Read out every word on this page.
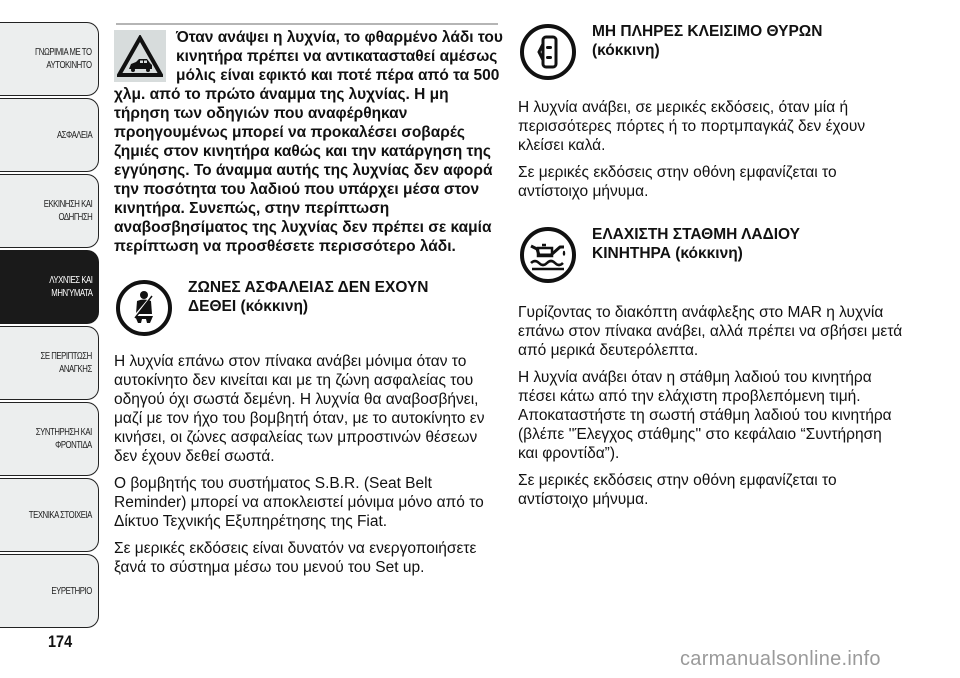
ΓΝΩΡΙΜΙΑ ΜΕ ΤΟ
ΑΥΤΟΚΙΝΗΤΟ
ΑΣΦΑΛΕΙΑ
ΕΚΚΙΝΗΣΗ ΚΑΙ
ΟΔΗΓΗΣΗ
ΛΥΧΝΊΕΣ ΚΑΙ
ΜΗΝΎΜΑΤΑ
ΣΕ ΠΕΡΙΠΤΩΣΗ
ΑΝΑΓΚΗΣ
ΣΥΝΤΗΡΗΣΗ ΚΑΙ
ΦΡΟΝΤΙΔΑ
ΤΕΧΝΙΚΑ ΣΤΟΙΧΕΙΑ
ΕΥΡΕΤΗΡΙΟ
174
Όταν ανάψει η λυχνία, το φθαρμένο λάδι του κινητήρα πρέπει να αντικατασταθεί αμέσως μόλις είναι εφικτό και ποτέ πέρα από τα 500 χλμ. από το πρώτο άναμμα της λυχνίας. Η μη τήρηση των οδηγιών που αναφέρθηκαν προηγουμένως μπορεί να προκαλέσει σοβαρές ζημιές στον κινητήρα καθώς και την κατάργηση της εγγύησης. Το άναμμα αυτής της λυχνίας δεν αφορά την ποσότητα του λαδιού που υπάρχει μέσα στον κινητήρα. Συνεπώς, στην περίπτωση αναβοσβησίματος της λυχνίας δεν πρέπει σε καμία περίπτωση να προσθέσετε περισσότερο λάδι.
ΖΩΝΕΣ ΑΣΦΑΛΕΙΑΣ ΔΕΝ ΕΧΟΥΝ
ΔΕΘΕΙ (κόκκινη)

Η λυχνία επάνω στον πίνακα ανάβει μόνιμα όταν το αυτοκίνητο δεν κινείται και με τη ζώνη ασφαλείας του οδηγού όχι σωστά δεμένη. Η λυχνία θα αναβοσβήνει, μαζί με τον ήχο του βομβητή όταν, με το αυτοκίνητο εν κινήσει, οι ζώνες ασφαλείας των μπροστινών θέσεων δεν έχουν δεθεί σωστά.

Ο βομβητής του συστήματος S.B.R. (Seat Belt Reminder) μπορεί να αποκλειστεί μόνιμα μόνο από το Δίκτυο Τεχνικής Εξυπηρέτησης της Fiat.

Σε μερικές εκδόσεις είναι δυνατόν να ενεργοποιήσετε ξανά το σύστημα μέσω του μενού του Set up.

ΜΗ ΠΛΗΡΕΣ ΚΛΕΙΣΙΜΟ ΘΥΡΩΝ
(κόκκινη)

Η λυχνία ανάβει, σε μερικές εκδόσεις, όταν μία ή περισσότερες πόρτες ή το πορτμπαγκάζ δεν έχουν κλείσει καλά.

Σε μερικές εκδόσεις στην οθόνη εμφανίζεται το αντίστοιχο μήνυμα.

ΕΛΑΧΙΣΤΗ ΣΤΑΘΜΗ ΛΑΔΙΟΥ
ΚΙΝΗΤΗΡΑ (κόκκινη)

Γυρίζοντας το διακόπτη ανάφλεξης στο MAR η λυχνία επάνω στον πίνακα ανάβει, αλλά πρέπει να σβήσει μετά από μερικά δευτερόλεπτα.

Η λυχνία ανάβει όταν η στάθμη λαδιού του κινητήρα πέσει κάτω από την ελάχιστη προβλεπόμενη τιμή. Αποκαταστήστε τη σωστή στάθμη λαδιού του κινητήρα (βλέπε ''Έλεγχος στάθμης'' στο κεφάλαιο “Συντήρηση και φροντίδα”).

Σε μερικές εκδόσεις στην οθόνη εμφανίζεται το αντίστοιχο μήνυμα.

carmanualsonline.info
